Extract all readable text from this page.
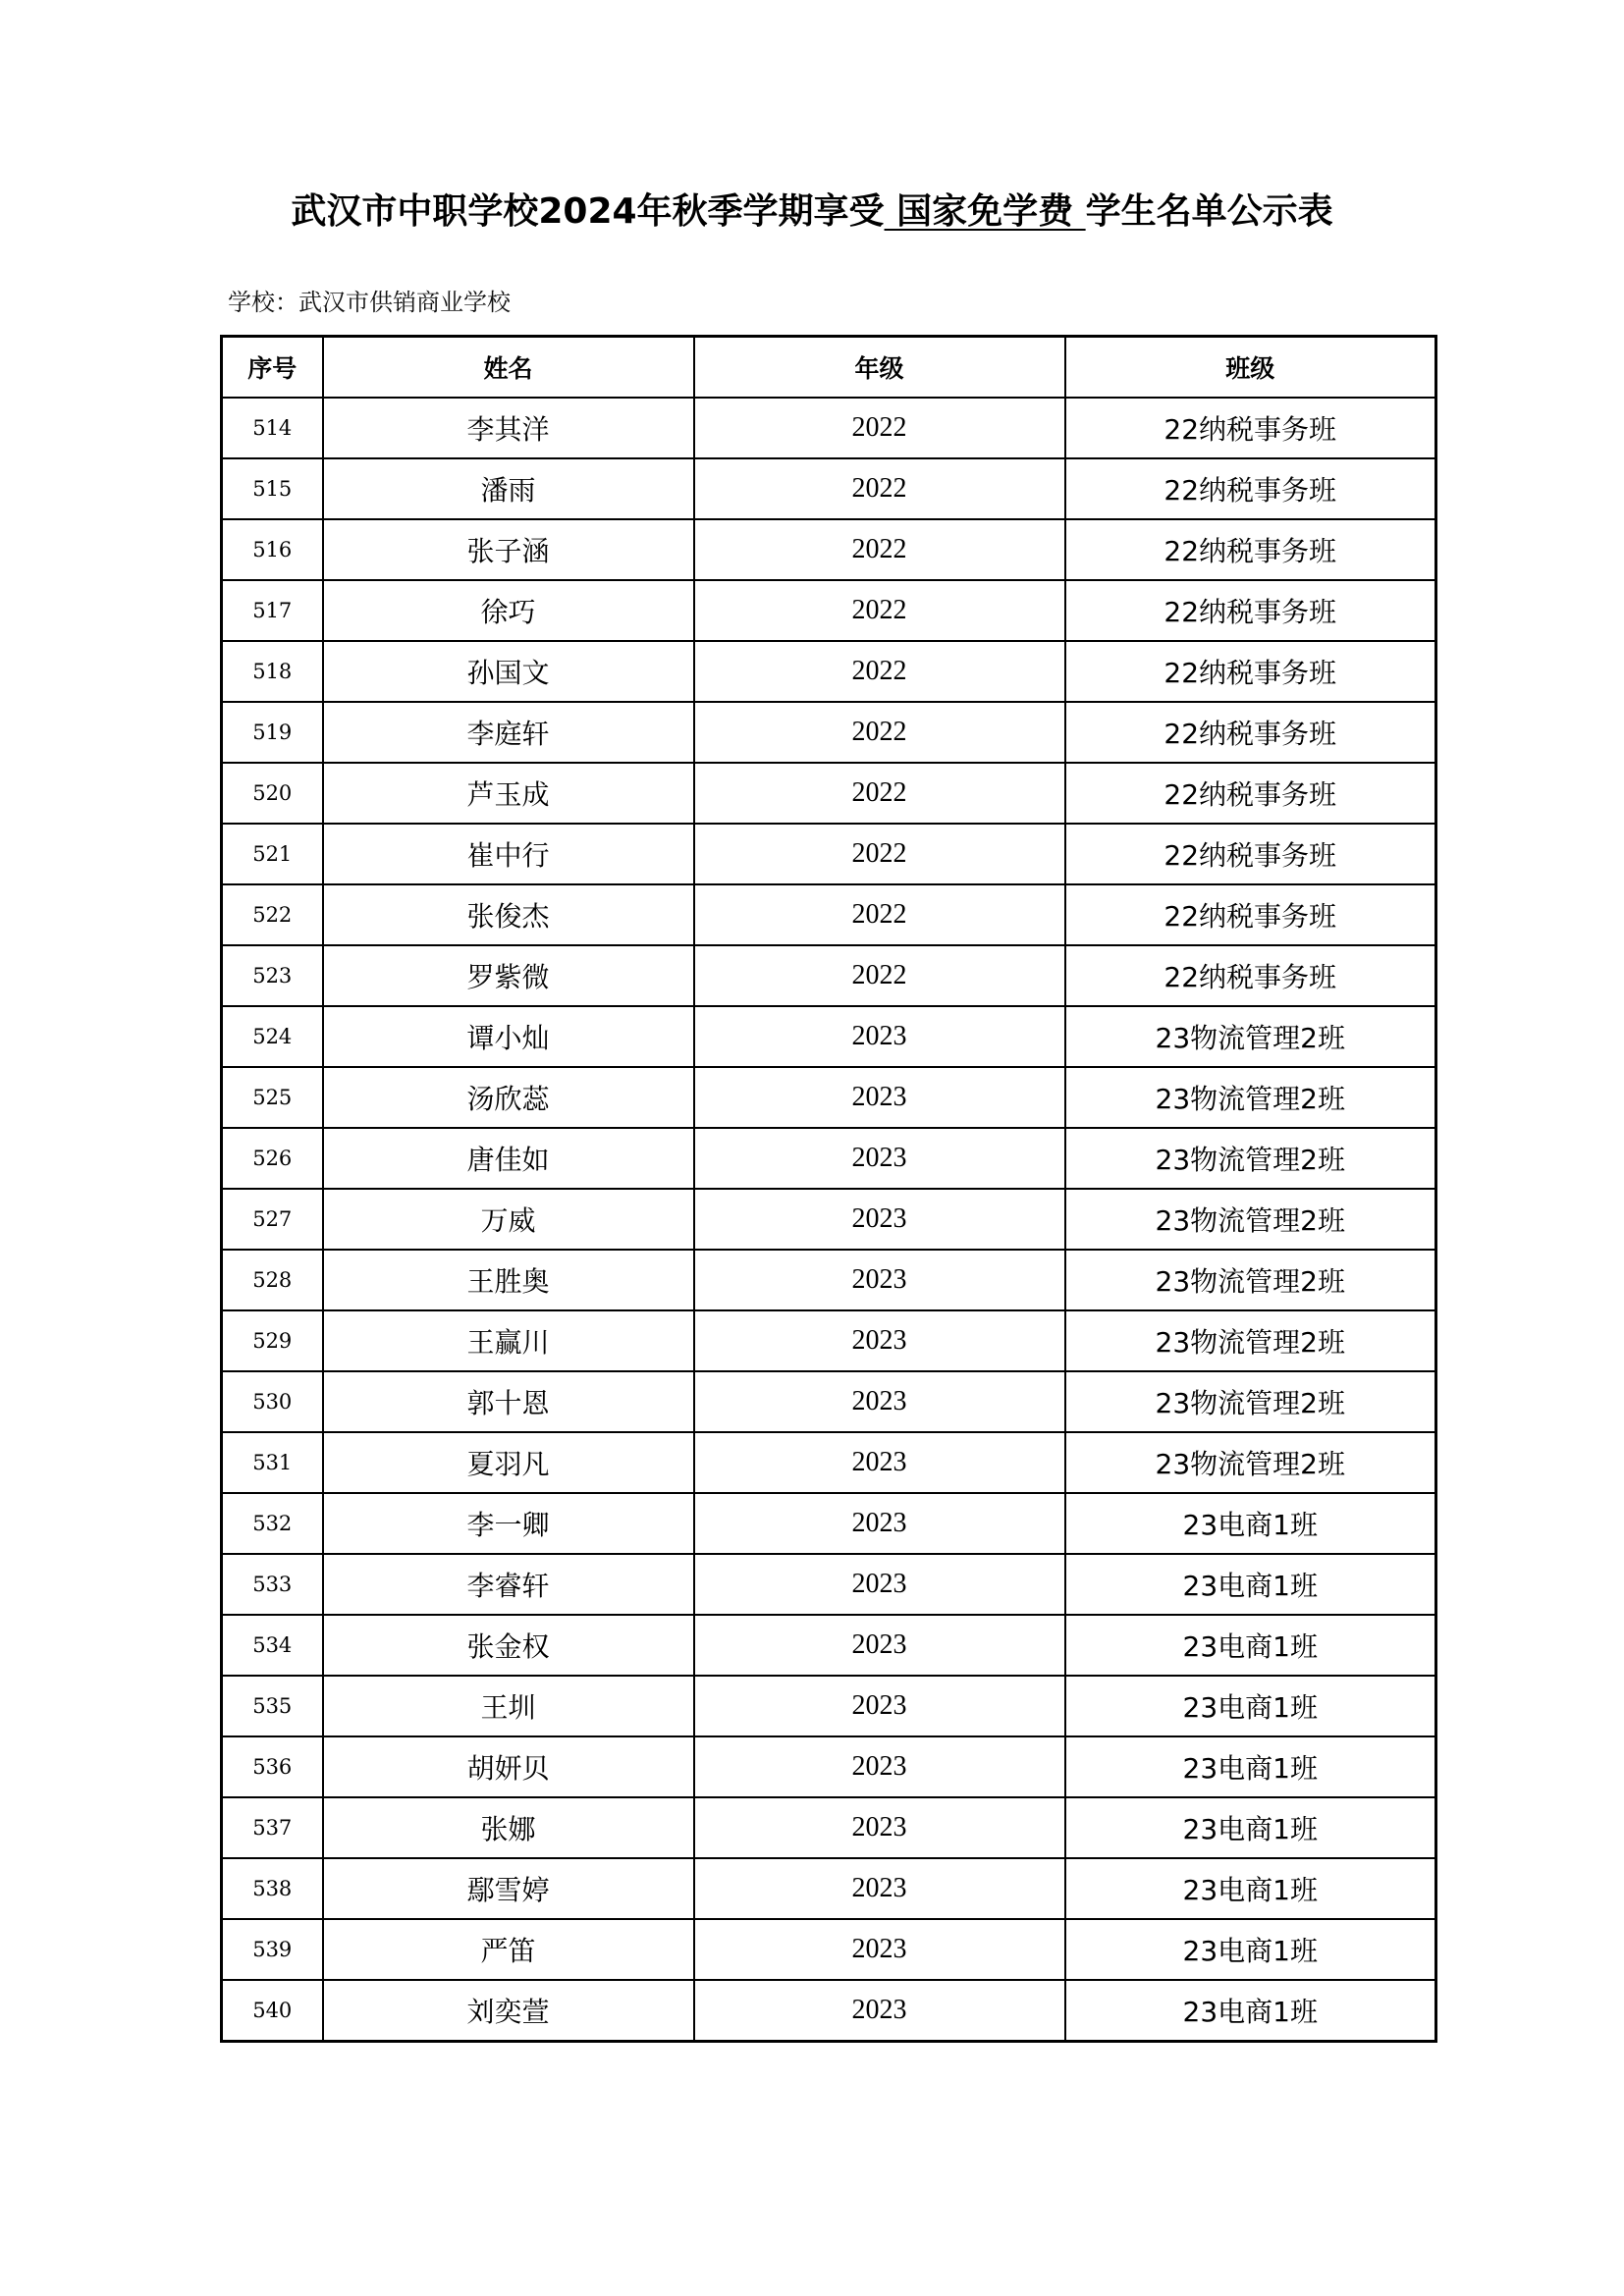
武汉市中职学校2024年秋季学期享受 国家免学费 学生名单公示表
学校：武汉市供销商业学校
序号	姓名	年级	班级
514	李其洋	2022	22纳税事务班
515	潘雨	2022	22纳税事务班
516	张子涵	2022	22纳税事务班
517	徐巧	2022	22纳税事务班
518	孙国文	2022	22纳税事务班
519	李庭轩	2022	22纳税事务班
520	芦玉成	2022	22纳税事务班
521	崔中行	2022	22纳税事务班
522	张俊杰	2022	22纳税事务班
523	罗紫微	2022	22纳税事务班
524	谭小灿	2023	23物流管理2班
525	汤欣蕊	2023	23物流管理2班
526	唐佳如	2023	23物流管理2班
527	万威	2023	23物流管理2班
528	王胜奥	2023	23物流管理2班
529	王赢川	2023	23物流管理2班
530	郭十恩	2023	23物流管理2班
531	夏羽凡	2023	23物流管理2班
532	李一卿	2023	23电商1班
533	李睿轩	2023	23电商1班
534	张金权	2023	23电商1班
535	王圳	2023	23电商1班
536	胡妍贝	2023	23电商1班
537	张娜	2023	23电商1班
538	鄢雪婷	2023	23电商1班
539	严笛	2023	23电商1班
540	刘奕萱	2023	23电商1班
